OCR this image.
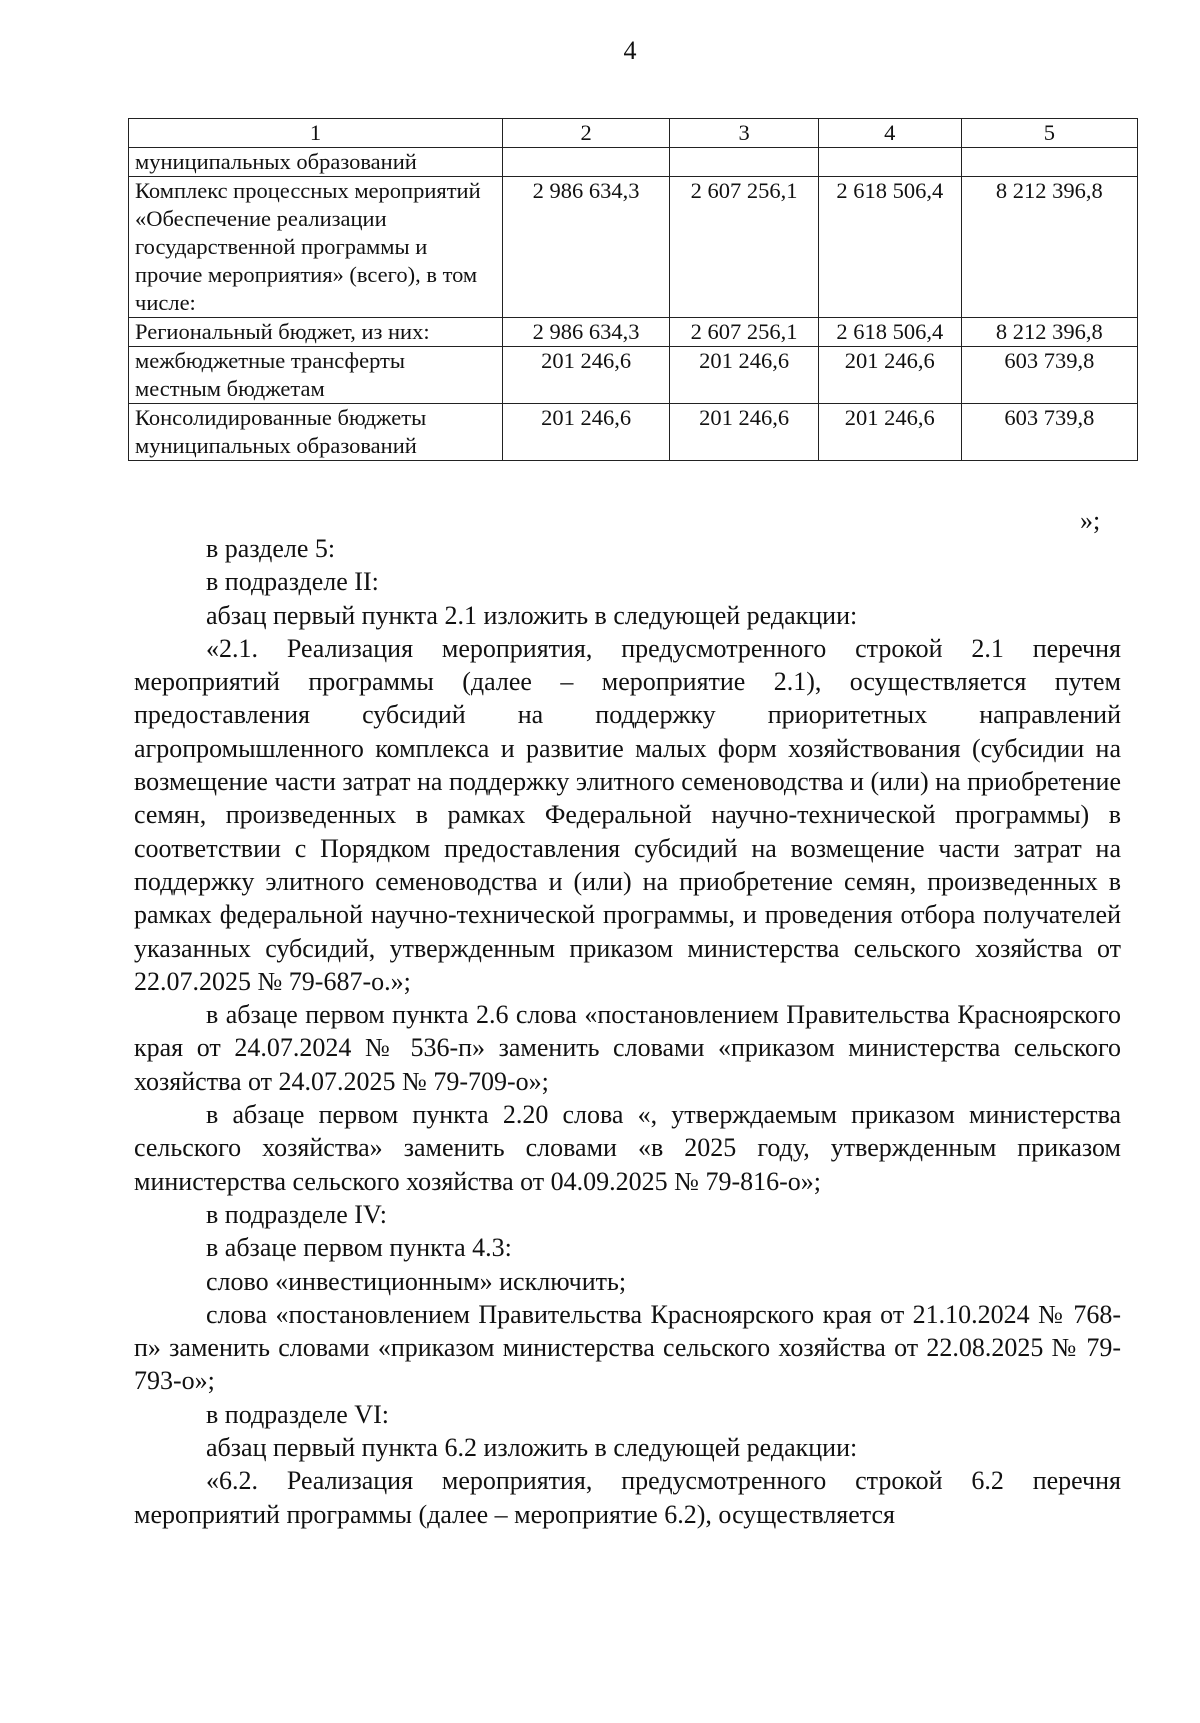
4
1	2	3	4	5
муниципальных образований				
Комплекс процессных мероприятий «Обеспечение реализации государственной программы и прочие мероприятия» (всего), в том числе:	2 986 634,3	2 607 256,1	2 618 506,4	8 212 396,8
Региональный бюджет, из них:	2 986 634,3	2 607 256,1	2 618 506,4	8 212 396,8
межбюджетные трансферты местным бюджетам	201 246,6	201 246,6	201 246,6	603 739,8
Консолидированные бюджеты муниципальных образований	201 246,6	201 246,6	201 246,6	603 739,8
»;

в разделе 5:

в подразделе II:

абзац первый пункта 2.1 изложить в следующей редакции:

«2.1. Реализация мероприятия, предусмотренного строкой 2.1 перечня мероприятий программы (далее – мероприятие 2.1), осуществляется путем предоставления субсидий на поддержку приоритетных направлений агропромышленного комплекса и развитие малых форм хозяйствования (субсидии на возмещение части затрат на поддержку элитного семеноводства и (или) на приобретение семян, произведенных в рамках Федеральной научно-технической программы) в соответствии с Порядком предоставления субсидий на возмещение части затрат на поддержку элитного семеноводства и (или) на приобретение семян, произведенных в рамках федеральной научно-технической программы, и проведения отбора получателей указанных субсидий, утвержденным приказом министерства сельского хозяйства от 22.07.2025 № 79-687-о.»;

в абзаце первом пункта 2.6 слова «постановлением Правительства Красноярского края от 24.07.2024 № 536-п» заменить словами «приказом министерства сельского хозяйства от 24.07.2025 № 79-709-о»;

в абзаце первом пункта 2.20 слова «, утверждаемым приказом министерства сельского хозяйства» заменить словами «в 2025 году, утвержденным приказом министерства сельского хозяйства от 04.09.2025 № 79-816-о»;

в подразделе IV:

в абзаце первом пункта 4.3:

слово «инвестиционным» исключить;

слова «постановлением Правительства Красноярского края от 21.10.2024 № 768-п» заменить словами «приказом министерства сельского хозяйства от 22.08.2025 № 79-793-о»;

в подразделе VI:

абзац первый пункта 6.2 изложить в следующей редакции:

«6.2. Реализация мероприятия, предусмотренного строкой 6.2 перечня мероприятий программы (далее – мероприятие 6.2), осуществляется
